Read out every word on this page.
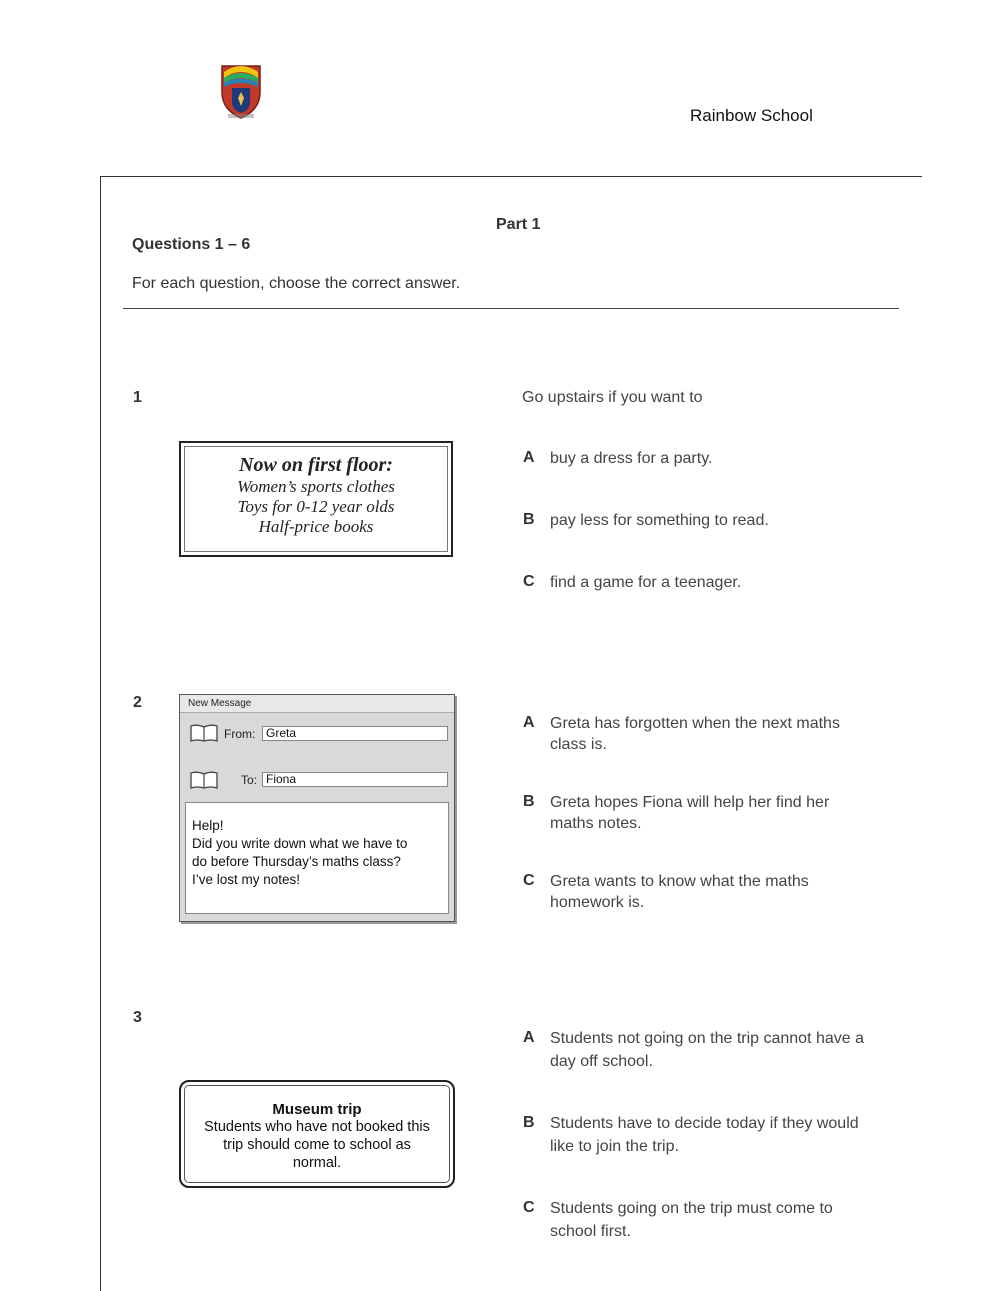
Rainbow School
Part 1
Questions 1 – 6
For each question, choose the correct answer.
1	Go upstairs if you want to
Now on first floor:
Women’s sports clothes
Toys for 0-12 year olds
Half-price books
A buy a dress for a party.
B pay less for something to read.
C find a game for a teenager.
2	New Message
From: Greta
To: Fiona
Help!
Did you write down what we have to
do before Thursday’s maths class?
I’ve lost my notes!
A Greta has forgotten when the next maths
class is.
B Greta hopes Fiona will help her find her
maths notes.
C Greta wants to know what the maths
homework is.
3
Museum trip
Students who have not booked this
trip should come to school as
normal.
A Students not going on the trip cannot have a
day off school.
B Students have to decide today if they would
like to join the trip.
C Students going on the trip must come to
school first.
